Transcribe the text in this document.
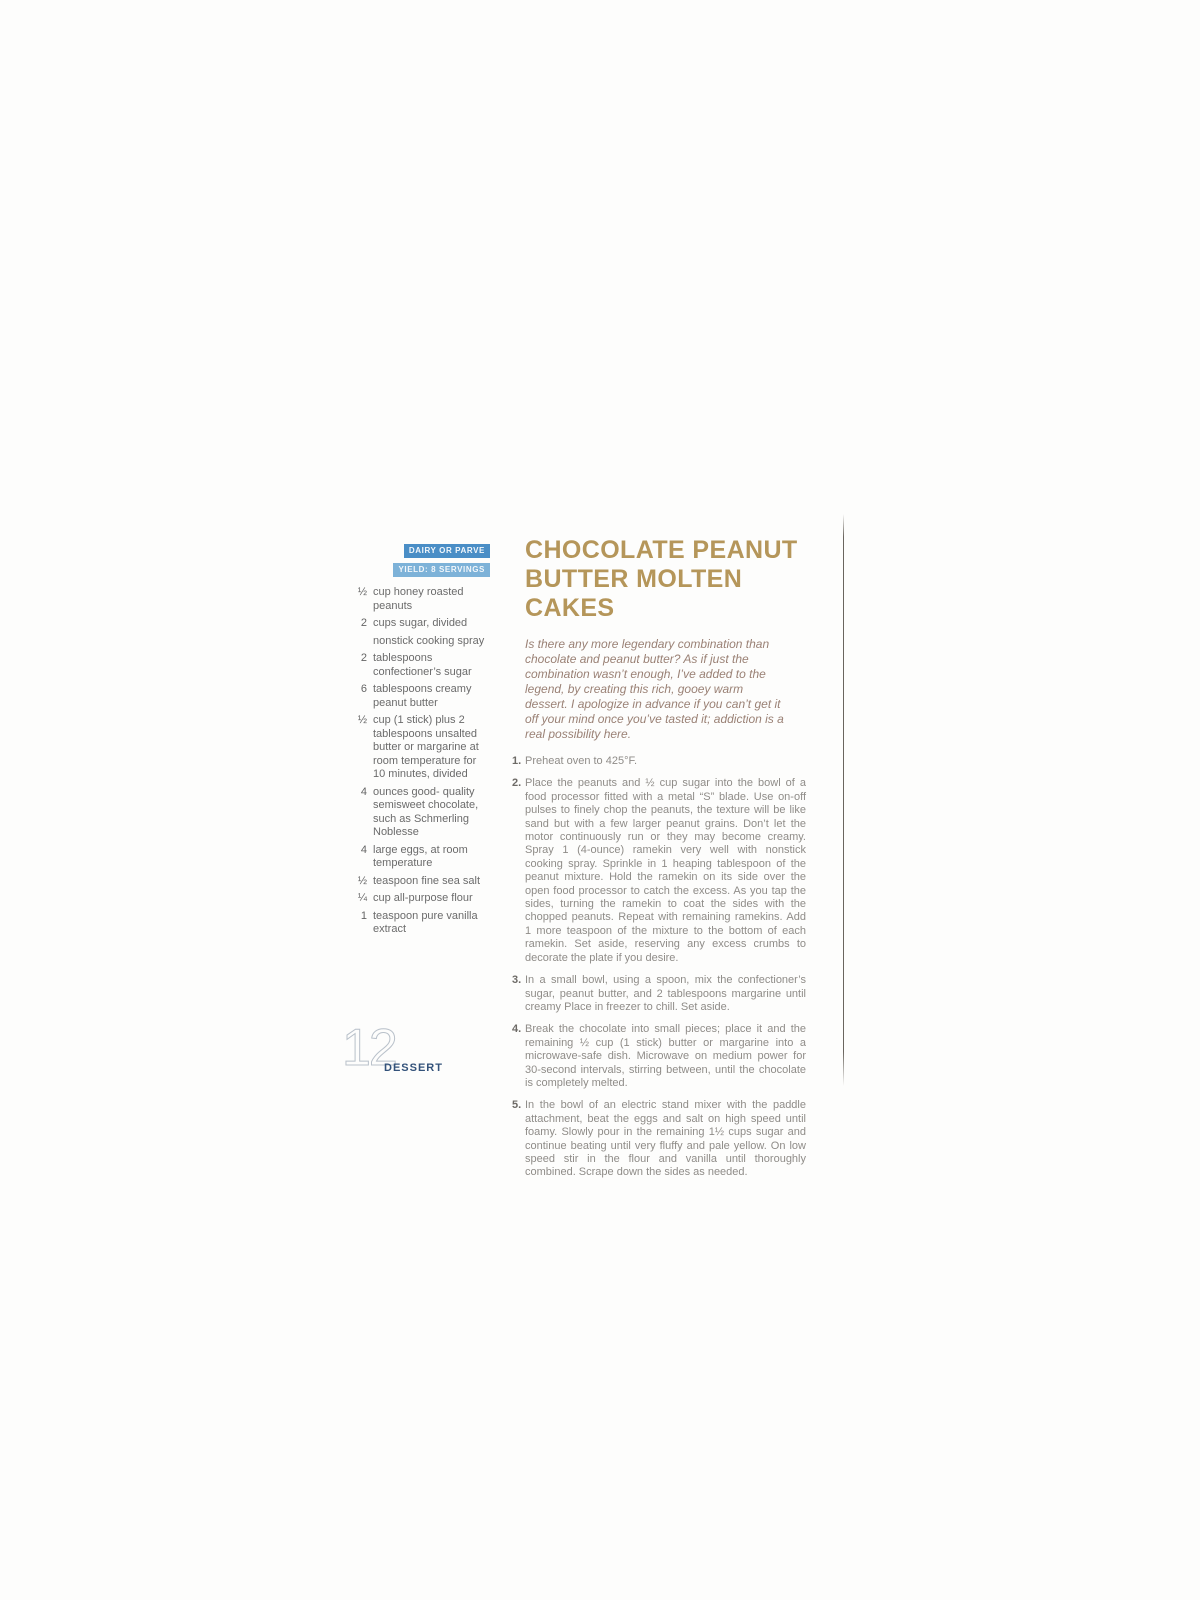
DAIRY OR PARVE
YIELD: 8 SERVINGS
½ cup honey roasted peanuts
2 cups sugar, divided
nonstick cooking spray
2 tablespoons confectioner’s sugar
6 tablespoons creamy peanut butter
½ cup (1 stick) plus 2 tablespoons unsalted butter or margarine at room temperature for 10 minutes, divided
4 ounces good- quality semisweet chocolate, such as Schmerling Noblesse
4 large eggs, at room temperature
½ teaspoon fine sea salt
¼ cup all-purpose flour
1 teaspoon pure vanilla extract
CHOCOLATE PEANUT
BUTTER MOLTEN CAKES
Is there any more legendary combination than chocolate and peanut butter? As if just the combination wasn’t enough, I’ve added to the legend, by creating this rich, gooey warm dessert. I apologize in advance if you can’t get it off your mind once you’ve tasted it; addiction is a real possibility here.
1. Preheat oven to 425°F.
2. Place the peanuts and ½ cup sugar into the bowl of a food processor fitted with a metal “S” blade. Use on-off pulses to finely chop the peanuts, the texture will be like sand but with a few larger peanut grains. Don’t let the motor continuously run or they may become creamy. Spray 1 (4-ounce) ramekin very well with nonstick cooking spray. Sprinkle in 1 heaping tablespoon of the peanut mixture. Hold the ramekin on its side over the open food processor to catch the excess. As you tap the sides, turning the ramekin to coat the sides with the chopped peanuts. Repeat with remaining ramekins. Add 1 more teaspoon of the mixture to the bottom of each ramekin. Set aside, reserving any excess crumbs to decorate the plate if you desire.
3. In a small bowl, using a spoon, mix the confectioner’s sugar, peanut butter, and 2 tablespoons margarine until creamy Place in freezer to chill. Set aside.
4. Break the chocolate into small pieces; place it and the remaining ½ cup (1 stick) butter or margarine into a microwave-safe dish. Microwave on medium power for 30-second intervals, stirring between, until the chocolate is completely melted.
5. In the bowl of an electric stand mixer with the paddle attachment, beat the eggs and salt on high speed until foamy. Slowly pour in the remaining 1½ cups sugar and continue beating until very fluffy and pale yellow. On low speed stir in the flour and vanilla until thoroughly combined. Scrape down the sides as needed.
12
DESSERT
